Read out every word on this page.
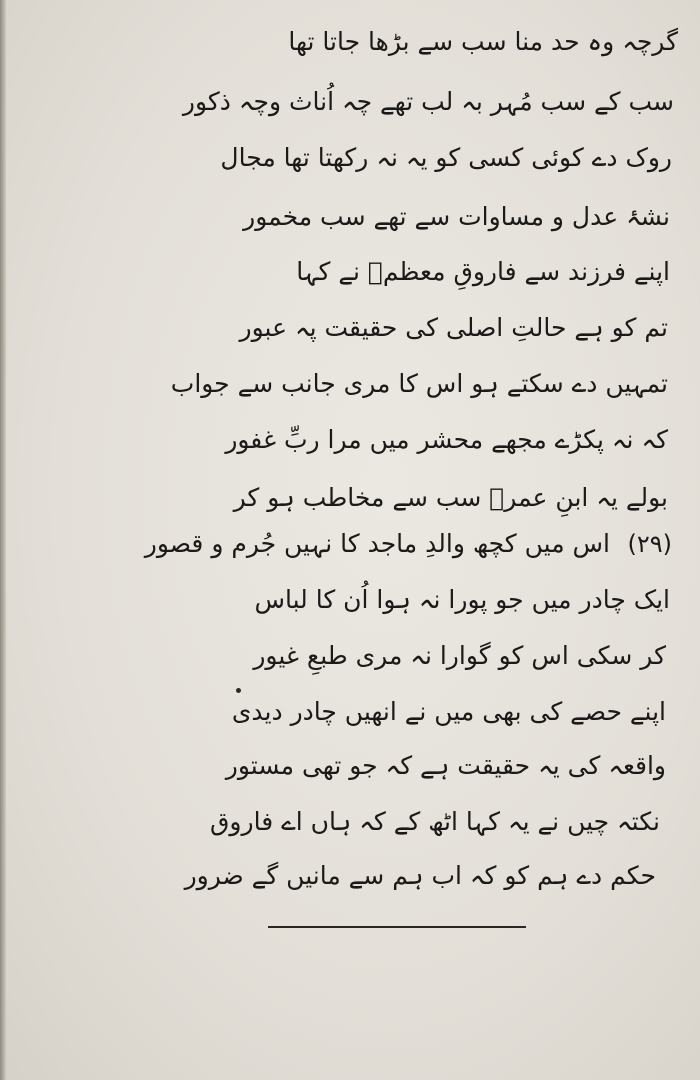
گرچہ وہ حد منا سب سے بڑھا جاتا تھا
سب کے سب مُہر بہ لب تھے چہ اُناث وچہ ذکور
روک دے کوئی کسی کو یہ نہ رکھتا تھا مجال
نشۂ عدل و مساوات سے تھے سب مخمور
اپنے فرزند سے فاروقِ معظمؓ نے کہا
تم کو ہے حالتِ اصلی کی حقیقت پہ عبور
تمہیں دے سکتے ہو اس کا مری جانب سے جواب
کہ نہ پکڑے مجھے محشر میں مرا ربِّ غفور
بولے یہ ابنِ عمرؓ سب سے مخاطب ہو کر
اس میں کچھ والدِ ماجد کا نہیں جُرم و قصور (۲۹)
ایک چادر میں جو پورا نہ ہوا اُن کا لباس
کر سکی اس کو گوارا نہ مری طبعِ غیور
اپنے حصے کی بھی میں نے انھیں چادر دیدی
واقعہ کی یہ حقیقت ہے کہ جو تھی مستور
نکتہ چیں نے یہ کہا اٹھ کے کہ ہاں اے فاروق
حکم دے ہم کو کہ اب ہم سے مانیں گے ضرور
